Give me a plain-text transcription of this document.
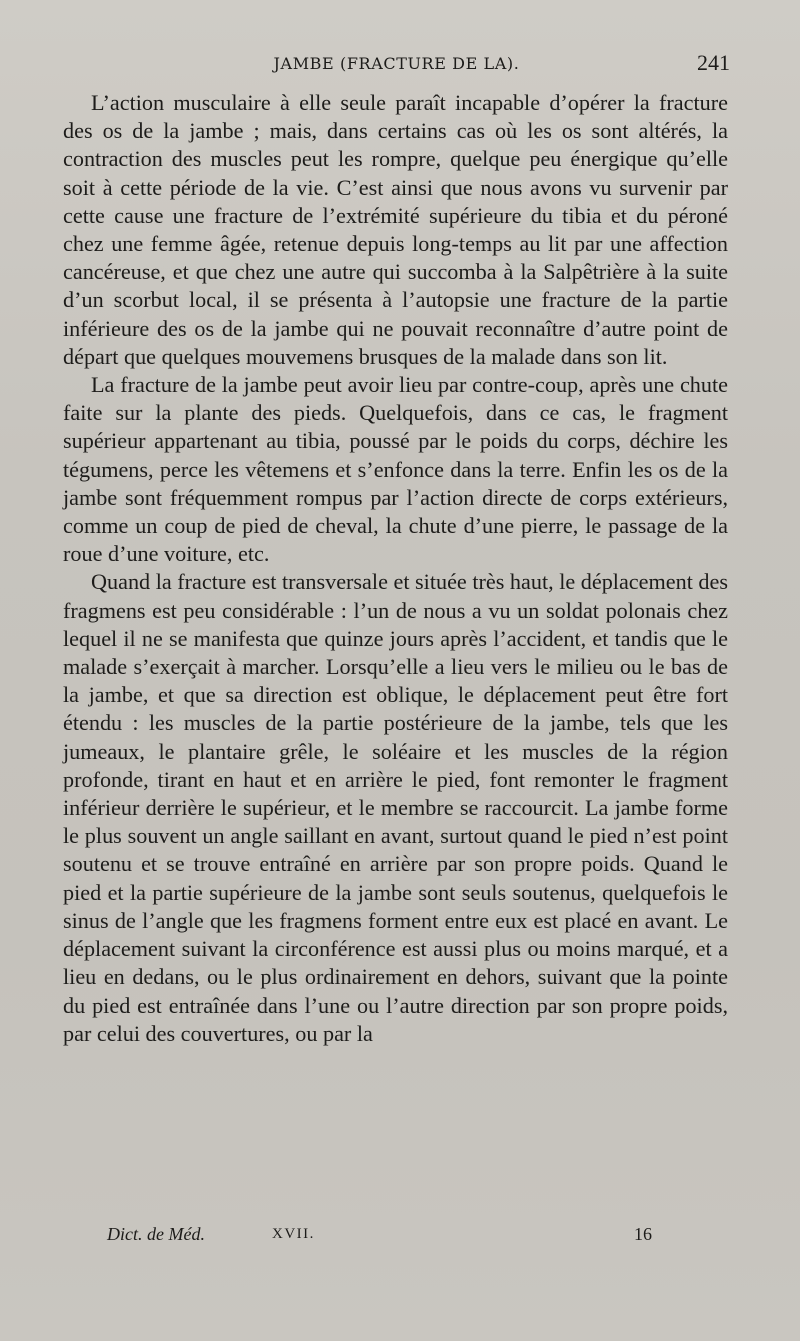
JAMBE (FRACTURE DE LA).	241

L’action musculaire à elle seule paraît incapable d’opérer la fracture des os de la jambe ; mais, dans certains cas où les os sont altérés, la contraction des muscles peut les rompre, quelque peu énergique qu’elle soit à cette période de la vie. C’est ainsi que nous avons vu survenir par cette cause une fracture de l’extrémité supérieure du tibia et du péroné chez une femme âgée, retenue depuis long-temps au lit par une affection cancéreuse, et que chez une autre qui succomba à la Salpêtrière à la suite d’un scorbut local, il se présenta à l’autopsie une fracture de la partie inférieure des os de la jambe qui ne pouvait reconnaître d’autre point de départ que quelques mouvemens brusques de la malade dans son lit.

La fracture de la jambe peut avoir lieu par contre-coup, après une chute faite sur la plante des pieds. Quelquefois, dans ce cas, le fragment supérieur appartenant au tibia, poussé par le poids du corps, déchire les tégumens, perce les vêtemens et s’enfonce dans la terre. Enfin les os de la jambe sont fréquemment rompus par l’action directe de corps extérieurs, comme un coup de pied de cheval, la chute d’une pierre, le passage de la roue d’une voiture, etc.

Quand la fracture est transversale et située très haut, le déplacement des fragmens est peu considérable : l’un de nous a vu un soldat polonais chez lequel il ne se manifesta que quinze jours après l’accident, et tandis que le malade s’exerçait à marcher. Lorsqu’elle a lieu vers le milieu ou le bas de la jambe, et que sa direction est oblique, le déplacement peut être fort étendu : les muscles de la partie postérieure de la jambe, tels que les jumeaux, le plantaire grêle, le soléaire et les muscles de la région profonde, tirant en haut et en arrière le pied, font remonter le fragment inférieur derrière le supérieur, et le membre se raccourcit. La jambe forme le plus souvent un angle saillant en avant, surtout quand le pied n’est point soutenu et se trouve entraîné en arrière par son propre poids. Quand le pied et la partie supérieure de la jambe sont seuls soutenus, quelquefois le sinus de l’angle que les fragmens forment entre eux est placé en avant. Le déplacement suivant la circonférence est aussi plus ou moins marqué, et a lieu en dedans, ou le plus ordinairement en dehors, suivant que la pointe du pied est entraînée dans l’une ou l’autre direction par son propre poids, par celui des couvertures, ou par la

Dict. de Méd.	XVII.	16
